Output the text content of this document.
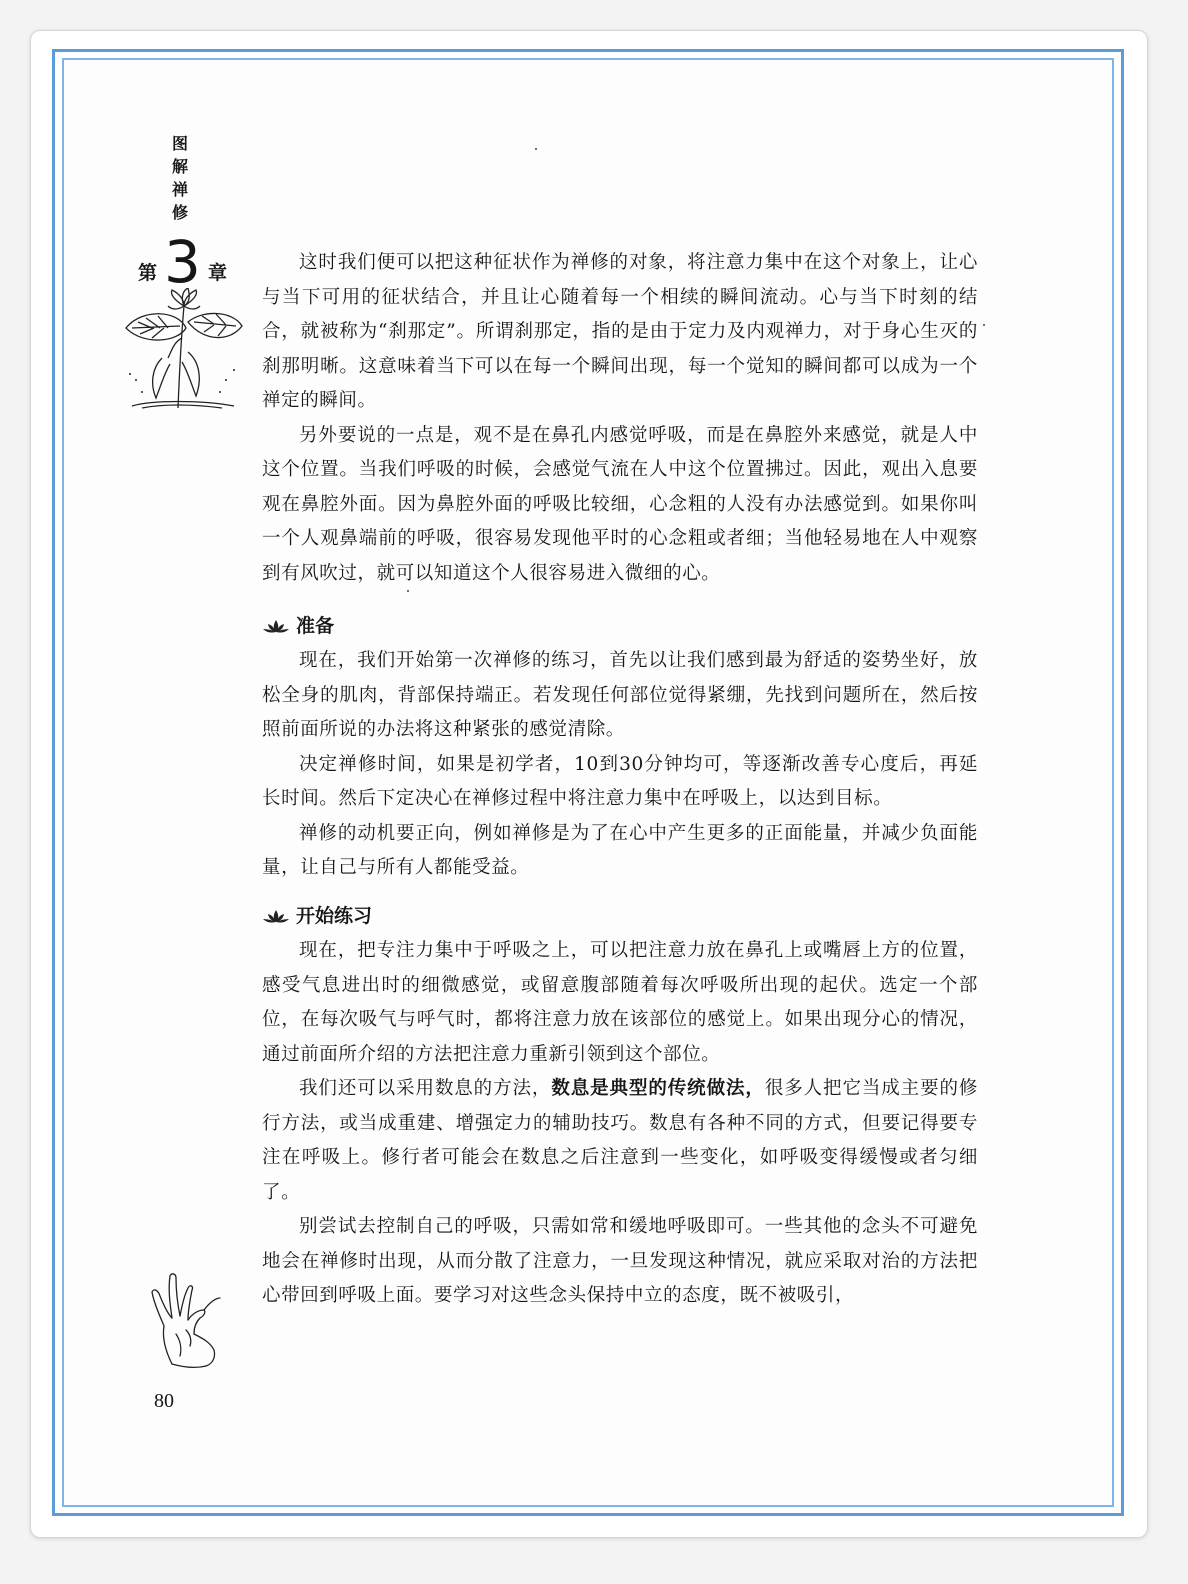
图
解
禅
修
第 3 章	这时我们便可以把这种征状作为禅修的对象，将注意力集中在这个对象上，让心与当下可用的征状结合，并且让心随着每一个相续的瞬间流动。心与当下时刻的结合，就被称为“刹那定”。所谓刹那定，指的是由于定力及内观禅力，对于身心生灭的刹那明晰。这意味着当下可以在每一个瞬间出现，每一个觉知的瞬间都可以成为一个禅定的瞬间。

另外要说的一点是，观不是在鼻孔内感觉呼吸，而是在鼻腔外来感觉，就是人中这个位置。当我们呼吸的时候，会感觉气流在人中这个位置拂过。因此，观出入息要观在鼻腔外面。因为鼻腔外面的呼吸比较细，心念粗的人没有办法感觉到。如果你叫一个人观鼻端前的呼吸，很容易发现他平时的心念粗或者细；当他轻易地在人中观察到有风吹过，就可以知道这个人很容易进入微细的心。

准备

现在，我们开始第一次禅修的练习，首先以让我们感到最为舒适的姿势坐好，放松全身的肌肉，背部保持端正。若发现任何部位觉得紧绷，先找到问题所在，然后按照前面所说的办法将这种紧张的感觉清除。

决定禅修时间，如果是初学者，10到30分钟均可，等逐渐改善专心度后，再延长时间。然后下定决心在禅修过程中将注意力集中在呼吸上，以达到目标。

禅修的动机要正向，例如禅修是为了在心中产生更多的正面能量，并减少负面能量，让自己与所有人都能受益。

开始练习

现在，把专注力集中于呼吸之上，可以把注意力放在鼻孔上或嘴唇上方的位置，感受气息进出时的细微感觉，或留意腹部随着每次呼吸所出现的起伏。选定一个部位，在每次吸气与呼气时，都将注意力放在该部位的感觉上。如果出现分心的情况，通过前面所介绍的方法把注意力重新引领到这个部位。

我们还可以采用数息的方法，数息是典型的传统做法，很多人把它当成主要的修行方法，或当成重建、增强定力的辅助技巧。数息有各种不同的方式，但要记得要专注在呼吸上。修行者可能会在数息之后注意到一些变化，如呼吸变得缓慢或者匀细了。

别尝试去控制自己的呼吸，只需如常和缓地呼吸即可。一些其他的念头不可避免地会在禅修时出现，从而分散了注意力，一旦发现这种情况，就应采取对治的方法把心带回到呼吸上面。要学习对这些念头保持中立的态度，既不被吸引，

80
